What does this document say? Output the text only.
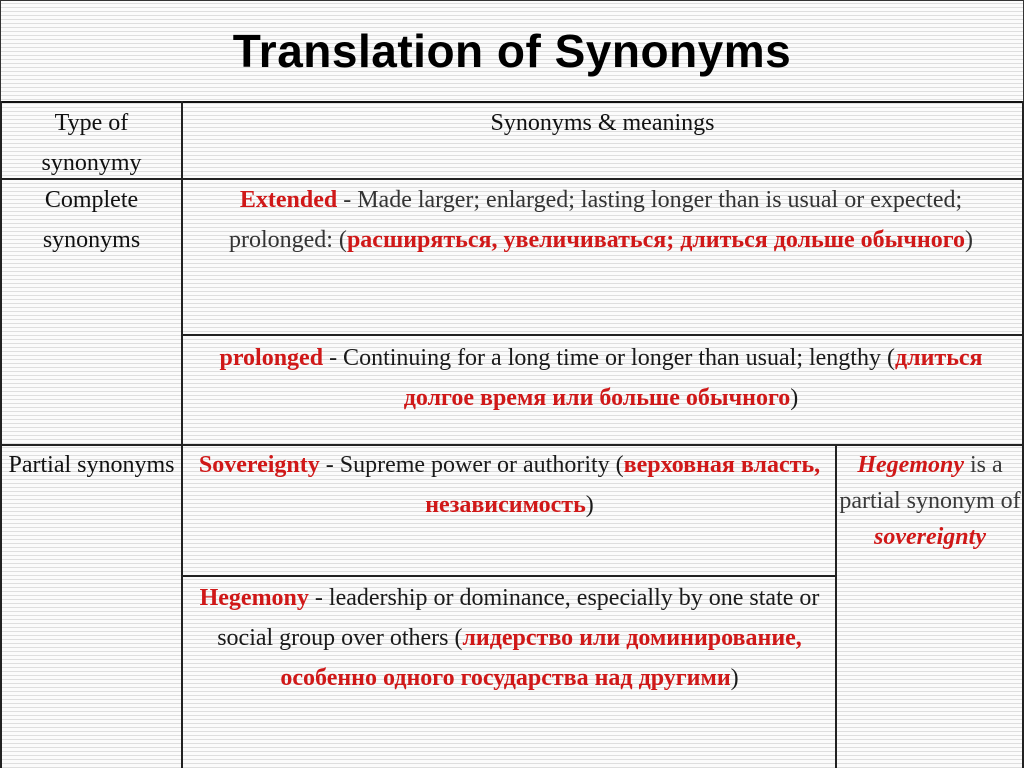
Translation of Synonyms
Type of synonymy
Synonyms & meanings
Complete synonyms
Extended - Made larger; enlarged; lasting longer than is usual or expected; prolonged: (расширяться, увеличиваться; длиться дольше обычного)
prolonged - Continuing for a long time or longer than usual; lengthy (длиться долгое время или больше обычного)
Partial synonyms	Sovereignty - Supreme power or authority (верховная власть, независимость)
Hegemony - leadership or dominance, especially by one state or social group over others (лидерство или доминирование, особенно одного государства над другими)
Hegemony is a partial synonym of sovereignty
